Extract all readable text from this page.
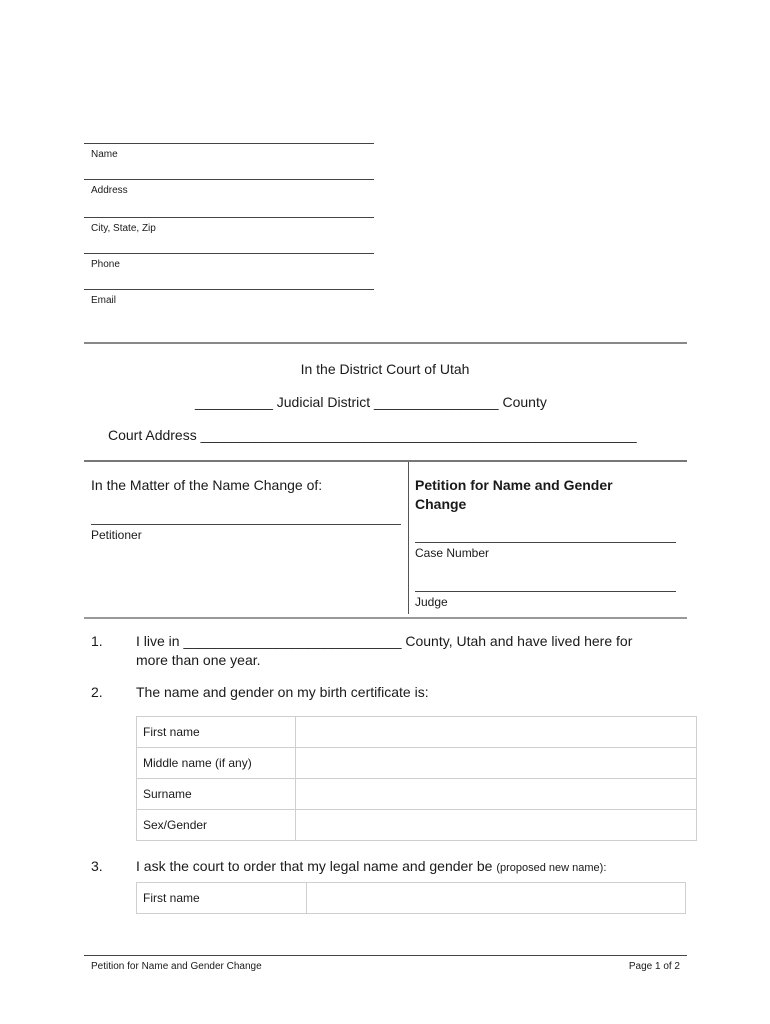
Name
Address
City, State, Zip
Phone
Email
In the District Court of Utah
__________ Judicial District ________________ County
Court Address ________________________________________________________
In the Matter of the Name Change of:
Petitioner
Petition for Name and Gender Change
Case Number
Judge
1. I live in ____________________________ County, Utah and have lived here for
more than one year.
2. The name and gender on my birth certificate is:
First name	
Middle name (if any)	
Surname	
Sex/Gender	
3. I ask the court to order that my legal name and gender be (proposed new name):
First name	
Petition for Name and Gender Change	Page 1 of 2
